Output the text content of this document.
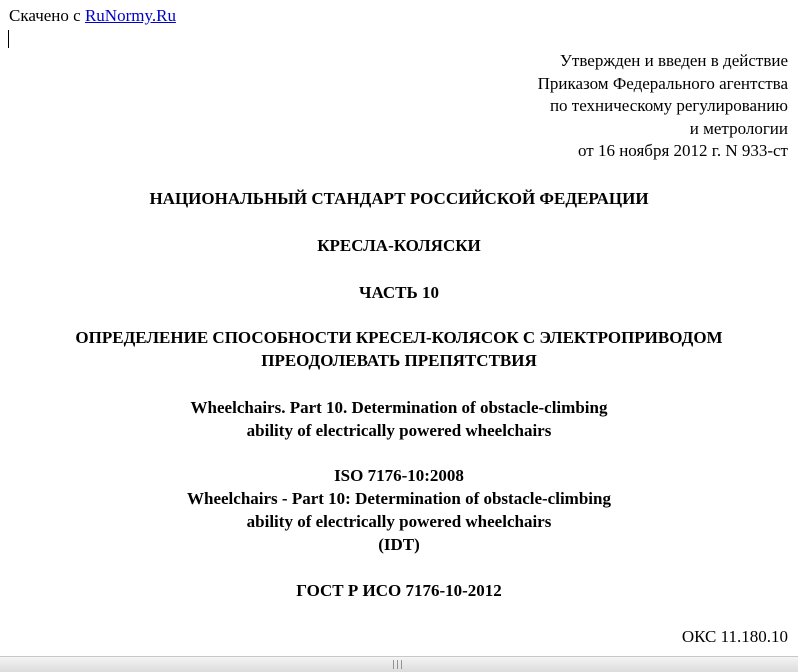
Скачено с RuNormy.Ru
Утвержден и введен в действие
Приказом Федерального агентства
по техническому регулированию
и метрологии
от 16 ноября 2012 г. N 933-ст
НАЦИОНАЛЬНЫЙ СТАНДАРТ РОССИЙСКОЙ ФЕДЕРАЦИИ
КРЕСЛА-КОЛЯСКИ
ЧАСТЬ 10
ОПРЕДЕЛЕНИЕ СПОСОБНОСТИ КРЕСЕЛ-КОЛЯСОК С ЭЛЕКТРОПРИВОДОМ
ПРЕОДОЛЕВАТЬ ПРЕПЯТСТВИЯ
Wheelchairs. Part 10. Determination of obstacle-climbing
ability of electrically powered wheelchairs
ISO 7176-10:2008
Wheelchairs - Part 10: Determination of obstacle-climbing
ability of electrically powered wheelchairs
(IDT)
ГОСТ Р ИСО 7176-10-2012
ОКС 11.180.10
|||
